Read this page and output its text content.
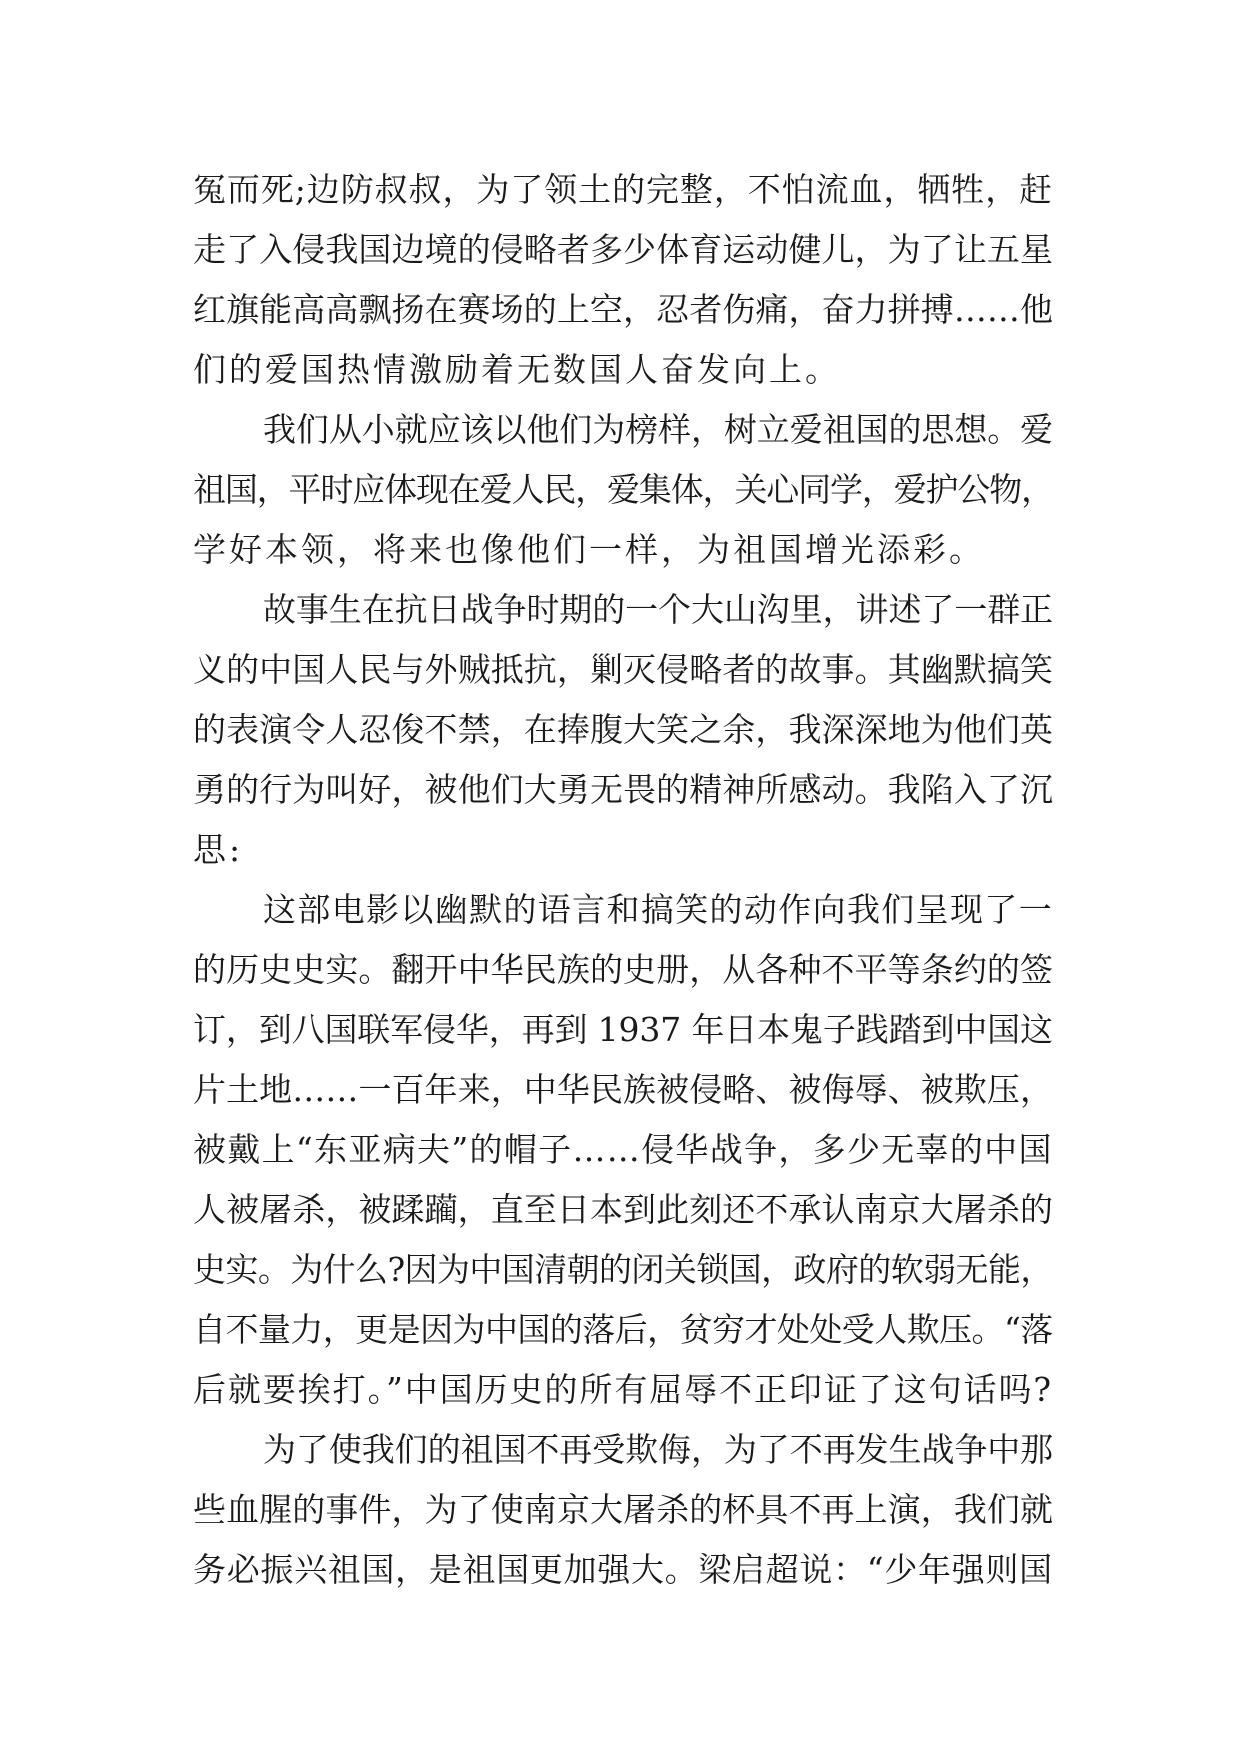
冤而死;边防叔叔，为了领土的完整，不怕流血，牺牲，赶
走了入侵我国边境的侵略者多少体育运动健儿，为了让五星
红旗能高高飘扬在赛场的上空，忍者伤痛，奋力拼搏……他
们的爱国热情激励着无数国人奋发向上。
我们从小就应该以他们为榜样，树立爱祖国的思想。爱
祖国，平时应体现在爱人民，爱集体，关心同学，爱护公物，
学好本领，将来也像他们一样，为祖国增光添彩。
故事生在抗日战争时期的一个大山沟里，讲述了一群正
义的中国人民与外贼抵抗，剿灭侵略者的故事。其幽默搞笑
的表演令人忍俊不禁，在捧腹大笑之余，我深深地为他们英
勇的行为叫好，被他们大勇无畏的精神所感动。我陷入了沉
思:
这部电影以幽默的语言和搞笑的动作向我们呈现了一
的历史史实。翻开中华民族的史册，从各种不平等条约的签
订，到八国联军侵华，再到 1937 年日本鬼子践踏到中国这
片土地……一百年来，中华民族被侵略、被侮辱、被欺压，
被戴上“东亚病夫”的帽子……侵华战争，多少无辜的中国
人被屠杀，被蹂躏，直至日本到此刻还不承认南京大屠杀的
史实。为什么?因为中国清朝的闭关锁国，政府的软弱无能，
自不量力，更是因为中国的落后，贫穷才处处受人欺压。“落
后就要挨打。”中国历史的所有屈辱不正印证了这句话吗?
为了使我们的祖国不再受欺侮，为了不再发生战争中那
些血腥的事件，为了使南京大屠杀的杯具不再上演，我们就
务必振兴祖国，是祖国更加强大。梁启超说：“少年强则国
